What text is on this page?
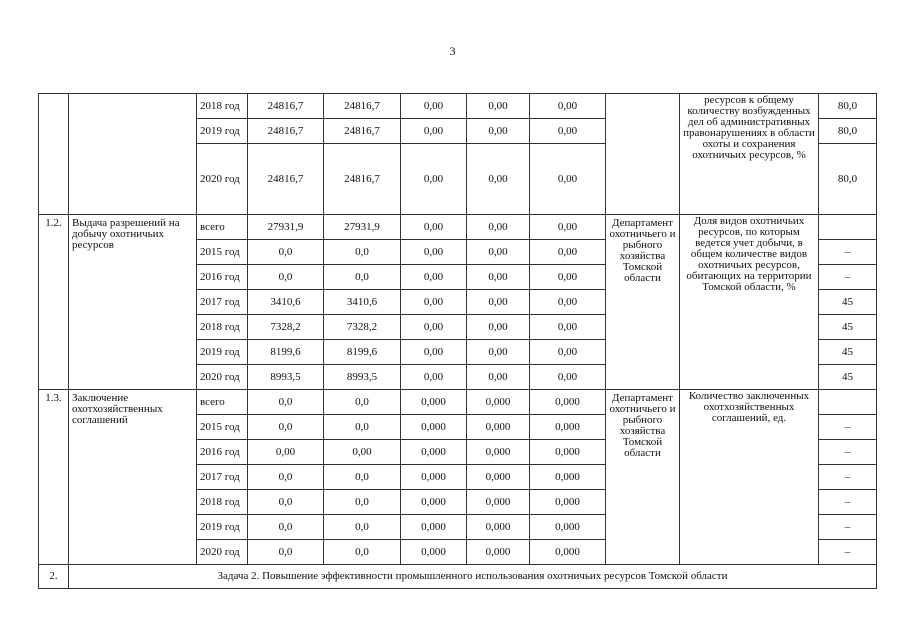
3
		2018 год	24816,7	24816,7	0,00	0,00	0,00		ресурсов к общему количеству возбужденных дел об административных правонарушениях в области охоты и сохранения охотничьих ресурсов, %	80,0
		2019 год	24816,7	24816,7	0,00	0,00	0,00			80,0
		2020 год	24816,7	24816,7	0,00	0,00	0,00			80,0
1.2.	Выдача разрешений на добычу охотничьих ресурсов	всего	27931,9	27931,9	0,00	0,00	0,00	Департамент охотничьего и рыбного хозяйства Томской области	Доля видов охотничьих ресурсов, по которым ведется учет добычи, в общем количестве видов охотничьих ресурсов, обитающих на территории Томской области, %	
		2015 год	0,0	0,0	0,00	0,00	0,00			–
		2016 год	0,0	0,0	0,00	0,00	0,00			–
		2017 год	3410,6	3410,6	0,00	0,00	0,00			45
		2018 год	7328,2	7328,2	0,00	0,00	0,00			45
		2019 год	8199,6	8199,6	0,00	0,00	0,00			45
		2020 год	8993,5	8993,5	0,00	0,00	0,00			45
1.3.	Заключение охотхозяйственных соглашений	всего	0,0	0,0	0,000	0,000	0,000	Департамент охотничьего и рыбного хозяйства Томской области	Количество заключенных охотхозяйственных соглашений, ед.	
		2015 год	0,0	0,0	0,000	0,000	0,000			–
		2016 год	0,00	0,00	0,000	0,000	0,000			–
		2017 год	0,0	0,0	0,000	0,000	0,000			–
		2018 год	0,0	0,0	0,000	0,000	0,000			–
		2019 год	0,0	0,0	0,000	0,000	0,000			–
		2020 год	0,0	0,0	0,000	0,000	0,000			–
2.	Задача 2. Повышение эффективности промышленного использования охотничьих ресурсов Томской области									
